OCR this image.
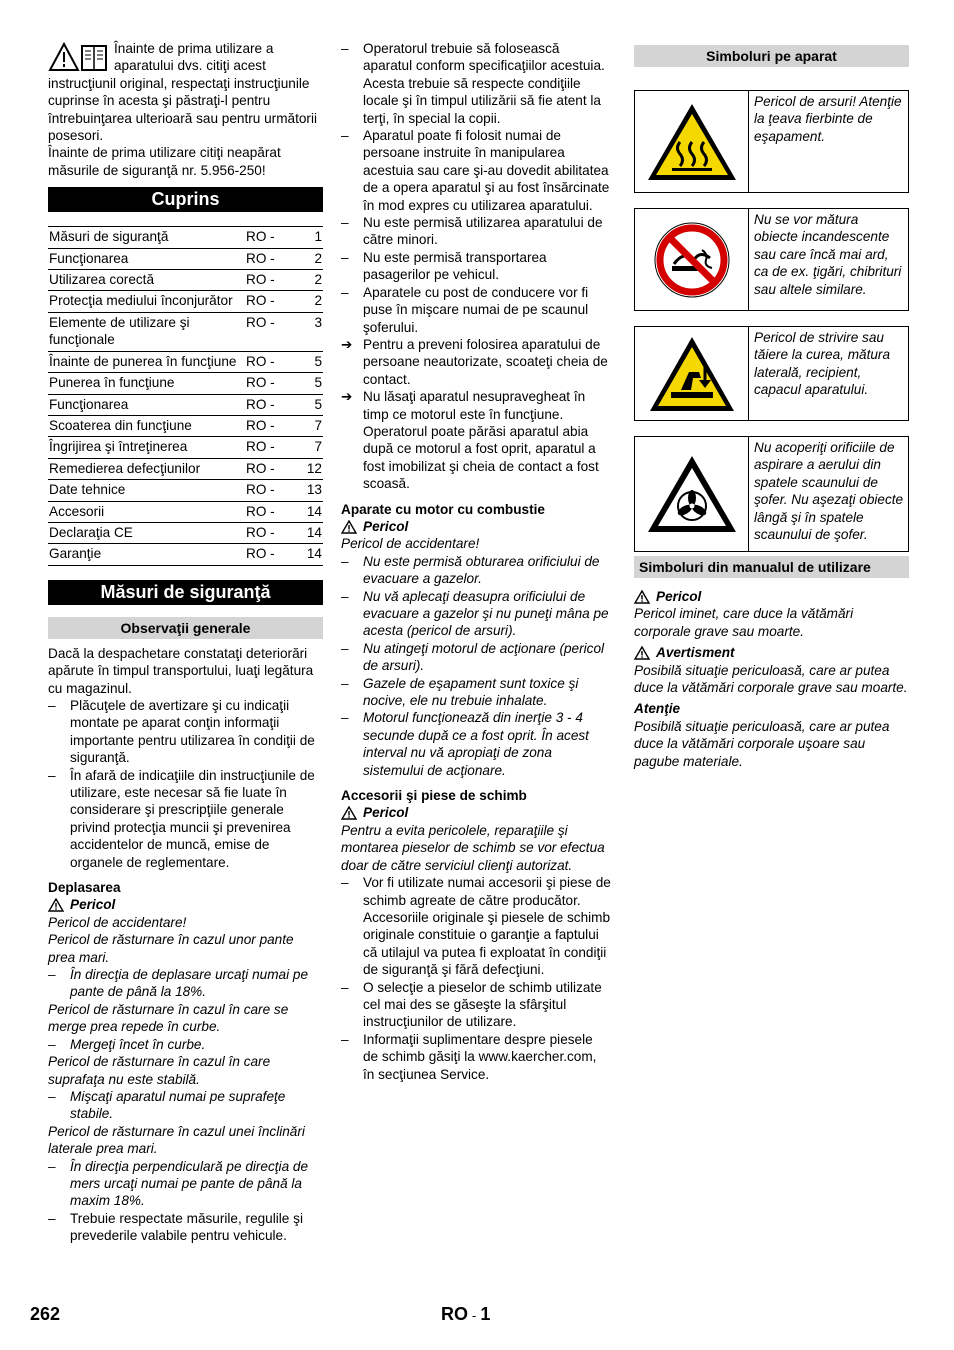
Înainte de prima utilizare a aparatului dvs. citiţi acest instrucţiunil original, respectaţi instrucţiunile cuprinse în acesta şi păstraţi-l pentru întrebuinţarea ulterioară sau pentru următorii posesori.

Înainte de prima utilizare citiţi neapărat măsurile de siguranţă nr. 5.956-250!

Cuprins
Măsuri de siguranţă	RO -	1
Funcţionarea	RO -	2
Utilizarea corectă	RO -	2
Protecţia mediului înconjurător	RO -	2
Elemente de utilizare şi funcţionale	RO -	3
Înainte de punerea în funcţiune	RO -	5
Punerea în funcţiune	RO -	5
Funcţionarea	RO -	5
Scoaterea din funcţiune	RO -	7
Îngrijirea şi întreţinerea	RO -	7
Remedierea defecţiunilor	RO -	12
Date tehnice	RO -	13
Accesorii	RO -	14
Declaraţia CE	RO -	14
Garanţie	RO -	14
Măsuri de siguranţă
Observaţii generale

Dacă la despachetare constataţi deteriorări apărute în timpul transportului, luaţi legătura cu magazinul.

– Plăcuţele de avertizare şi cu indicaţii montate pe aparat conţin informaţii importante pentru utilizarea în condiţii de siguranţă.
– În afară de indicaţiile din instrucţiunile de utilizare, este necesar să fie luate în considerare şi prescripţiile generale privind protecţia muncii şi prevenirea accidentelor de muncă, emise de organele de reglementare.

Deplasarea

Pericol

Pericol de accidentare!

Pericol de răsturnare în cazul unor pante prea mari.

– În direcţia de deplasare urcaţi numai pe pante de până la 18%.

Pericol de răsturnare în cazul în care se merge prea repede în curbe.

– Mergeţi încet în curbe.

Pericol de răsturnare în cazul în care suprafaţa nu este stabilă.

– Mişcaţi aparatul numai pe suprafeţe stabile.

Pericol de răsturnare în cazul unei înclinări laterale prea mari.

– În direcţia perpendiculară pe direcţia de mers urcaţi numai pe pante de până la maxim 18%.
– Trebuie respectate măsurile, regulile şi prevederile valabile pentru vehicule.
– Operatorul trebuie să folosească aparatul conform specificaţiilor acestuia. Acesta trebuie să respecte condiţiile locale şi în timpul utilizării să fie atent la terţi, în special la copii.
– Aparatul poate fi folosit numai de persoane instruite în manipularea acestuia sau care şi-au dovedit abilitatea de a opera aparatul şi au fost însărcinate în mod expres cu utilizarea aparatului.
– Nu este permisă utilizarea aparatului de către minori.
– Nu este permisă transportarea pasagerilor pe vehicul.
– Aparatele cu post de conducere vor fi puse în mişcare numai de pe scaunul şoferului.
➔ Pentru a preveni folosirea aparatului de persoane neautorizate, scoateţi cheia de contact.
➔ Nu lăsaţi aparatul nesupravegheat în timp ce motorul este în funcţiune. Operatorul poate părăsi aparatul abia după ce motorul a fost oprit, aparatul a fost imobilizat şi cheia de contact a fost scoasă.

Aparate cu motor cu combustie

Pericol

Pericol de accidentare!

– Nu este permisă obturarea orificiului de evacuare a gazelor.
– Nu vă aplecaţi deasupra orificiului de evacuare a gazelor şi nu puneţi mâna pe acesta (pericol de arsuri).
– Nu atingeţi motorul de acţionare (pericol de arsuri).
– Gazele de eşapament sunt toxice şi nocive, ele nu trebuie inhalate.
– Motorul funcţionează din inerţie 3 - 4 secunde după ce a fost oprit. În acest interval nu vă apropiaţi de zona sistemului de acţionare.

Accesorii şi piese de schimb

Pericol

Pentru a evita pericolele, reparaţiile şi montarea pieselor de schimb se vor efectua doar de către serviciul clienţi autorizat.

– Vor fi utilizate numai accesorii şi piese de schimb agreate de către producător. Accesoriile originale şi piesele de schimb originale constituie o garanţie a faptului că utilajul va putea fi exploatat în condiţii de siguranţă şi fără defecţiuni.
– O selecţie a pieselor de schimb utilizate cel mai des se găseşte la sfârşitul instrucţiunilor de utilizare.
– Informaţii suplimentare despre piesele de schimb găsiţi la www.kaercher.com, în secţiunea Service.
Simboluri pe aparat
Pericol de arsuri! Atenţie la ţeava fierbinte de eşapament.
Nu se vor mătura obiecte incandescente sau care încă mai ard, ca de ex. ţigări, chibrituri sau altele similare.
Pericol de strivire sau tăiere la curea, mătura laterală, recipient, capacul aparatului.
Nu acoperiţi orificiile de aspirare a aerului din spatele scaunului de şofer. Nu aşezaţi obiecte lângă şi în spatele scaunului de şofer.
Simboluri din manualul de utilizare
Pericol

Pericol iminet, care duce la vătămări corporale grave sau moarte.

Avertisment

Posibilă situaţie periculoasă, care ar putea duce la vătămări corporale grave sau moarte.

Atenţie

Posibilă situaţie periculoasă, care ar putea duce la vătămări corporale uşoare sau pagube materiale.

262	RO - 1
